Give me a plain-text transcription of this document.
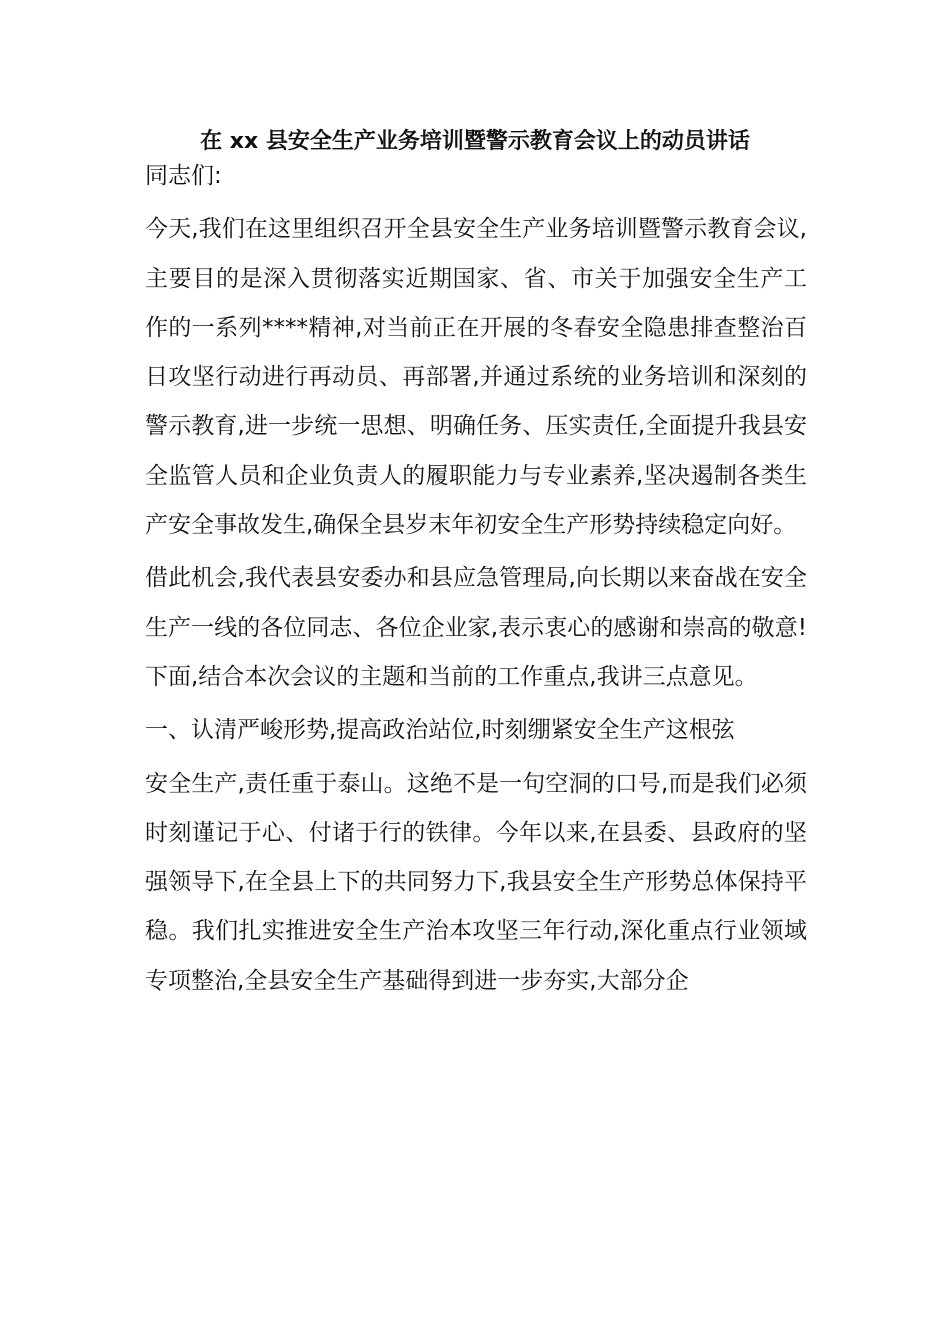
在 xx 县安全生产业务培训暨警示教育会议上的动员讲话

同志们:

今天,我们在这里组织召开全县安全生产业务培训暨警示教育会议,主要目的是深入贯彻落实近期国家、省、市关于加强安全生产工作的一系列****精神,对当前正在开展的冬春安全隐患排查整治百日攻坚行动进行再动员、再部署,并通过系统的业务培训和深刻的警示教育,进一步统一思想、明确任务、压实责任,全面提升我县安全监管人员和企业负责人的履职能力与专业素养,坚决遏制各类生产安全事故发生,确保全县岁末年初安全生产形势持续稳定向好。

借此机会,我代表县安委办和县应急管理局,向长期以来奋战在安全生产一线的各位同志、各位企业家,表示衷心的感谢和崇高的敬意!下面,结合本次会议的主题和当前的工作重点,我讲三点意见。

一、认清严峻形势,提高政治站位,时刻绷紧安全生产这根弦

安全生产,责任重于泰山。这绝不是一句空洞的口号,而是我们必须时刻谨记于心、付诸于行的铁律。今年以来,在县委、县政府的坚强领导下,在全县上下的共同努力下,我县安全生产形势总体保持平稳。我们扎实推进安全生产治本攻坚三年行动,深化重点行业领域专项整治,全县安全生产基础得到进一步夯实,大部分企
